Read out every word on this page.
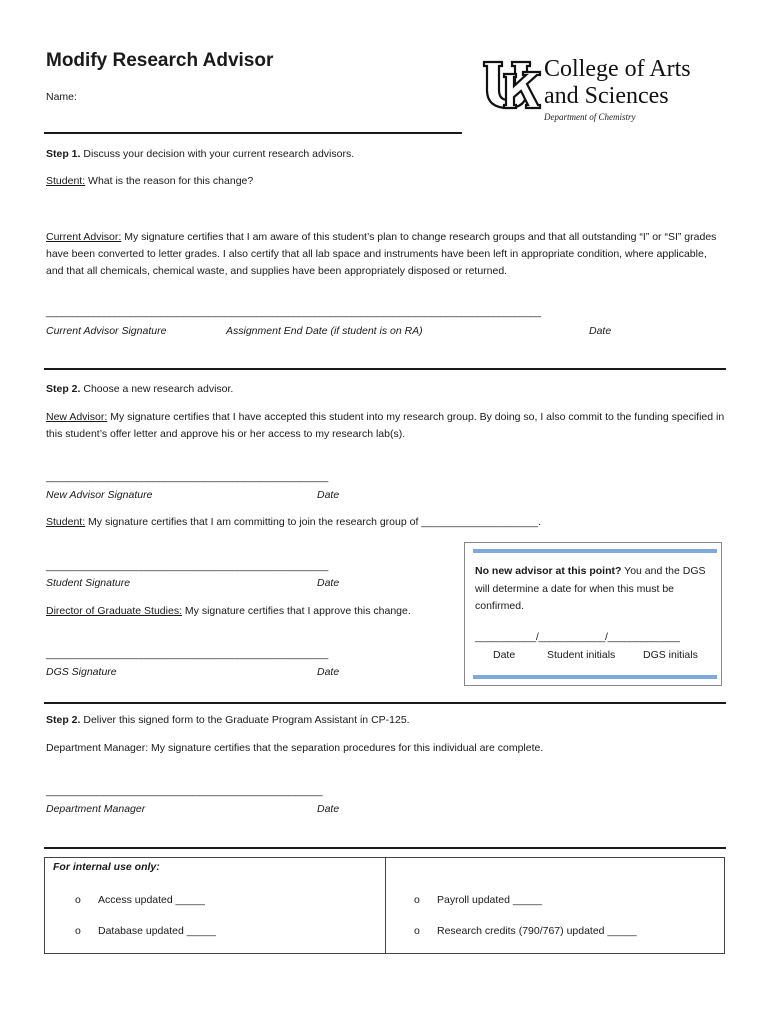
Modify Research Advisor
Name:
College of Arts
and Sciences
Department of Chemistry
Step 1. Discuss your decision with your current research advisors.
Student: What is the reason for this change?
Current Advisor: My signature certifies that I am aware of this student’s plan to change research groups and that all outstanding “I” or “SI” grades have been converted to letter grades. I also certify that all lab space and instruments have been left in appropriate condition, where applicable, and that all chemicals, chemical waste, and supplies have been appropriately disposed or returned.
______________________________________________________________________________________________
Current Advisor Signature	Assignment End Date (if student is on RA)	Date
Step 2. Choose a new research advisor.
New Advisor: My signature certifies that I have accepted this student into my research group. By doing so, I also commit to the funding specified in this student’s offer letter and approve his or her access to my research lab(s).
__________________________________________________
New Advisor Signature	Date
Student: My signature certifies that I am committing to join the research group of ____________________.
__________________________________________________
Student Signature	Date
Director of Graduate Studies: My signature certifies that I approve this change.
__________________________________________________
DGS Signature	Date
No new advisor at this point? You and the DGS will determine a date for when this must be confirmed.
___________/____________/_____________
Date	Student initials	DGS initials
Step 2. Deliver this signed form to the Graduate Program Assistant in CP-125.
Department Manager: My signature certifies that the separation procedures for this individual are complete.
_________________________________________________
Department Manager	Date
For internal use only:
o Access updated _____
o Database updated _____
o Payroll updated _____
o Research credits (790/767) updated _____
